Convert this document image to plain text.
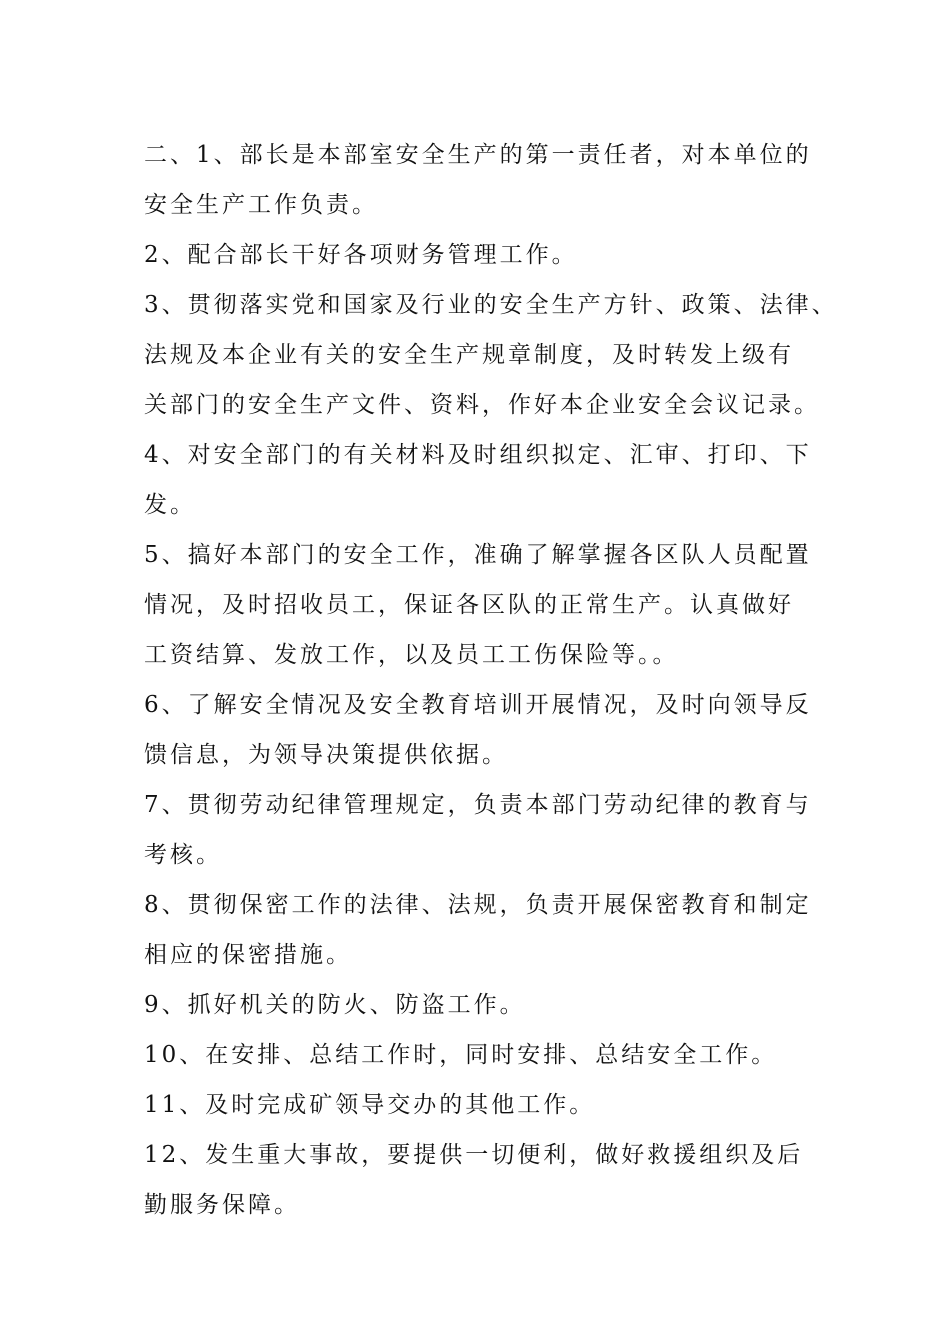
二、1、部长是本部室安全生产的第一责任者，对本单位的
安全生产工作负责。
2、配合部长干好各项财务管理工作。
3、贯彻落实党和国家及行业的安全生产方针、政策、法律、
法规及本企业有关的安全生产规章制度，及时转发上级有
关部门的安全生产文件、资料，作好本企业安全会议记录。
4、对安全部门的有关材料及时组织拟定、汇审、打印、下
发。
5、搞好本部门的安全工作，准确了解掌握各区队人员配置
情况，及时招收员工，保证各区队的正常生产。认真做好
工资结算、发放工作，以及员工工伤保险等。。
6、了解安全情况及安全教育培训开展情况，及时向领导反
馈信息，为领导决策提供依据。
7、贯彻劳动纪律管理规定，负责本部门劳动纪律的教育与
考核。
8、贯彻保密工作的法律、法规，负责开展保密教育和制定
相应的保密措施。
9、抓好机关的防火、防盗工作。
10、在安排、总结工作时，同时安排、总结安全工作。
11、及时完成矿领导交办的其他工作。
12、发生重大事故，要提供一切便利，做好救援组织及后
勤服务保障。
